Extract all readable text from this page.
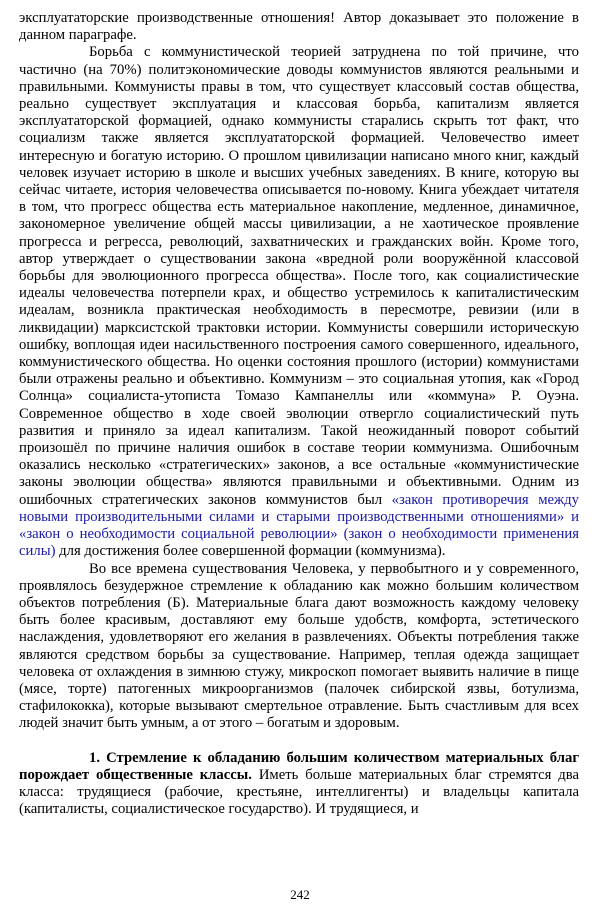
эксплуататорские производственные отношения! Автор доказывает это положение в данном параграфе.

Борьба с коммунистической теорией затруднена по той причине, что частично (на 70%) политэкономические доводы коммунистов являются реальными и правильными. Коммунисты правы в том, что существует классовый состав общества, реально существует эксплуатация и классовая борьба, капитализм является эксплуататорской формацией, однако коммунисты старались скрыть тот факт, что социализм также является эксплуататорской формацией. Человечество имеет интересную и богатую историю. О прошлом цивилизации написано много книг, каждый человек изучает историю в школе и высших учебных заведениях. В книге, которую вы сейчас читаете, история человечества описывается по-новому. Книга убеждает читателя в том, что прогресс общества есть материальное накопление, медленное, динамичное, закономерное увеличение общей массы цивилизации, а не хаотическое проявление прогресса и регресса, революций, захватнических и гражданских войн. Кроме того, автор утверждает о существовании закона «вредной роли вооружённой классовой борьбы для эволюционного прогресса общества». После того, как социалистические идеалы человечества потерпели крах, и общество устремилось к капиталистическим идеалам, возникла практическая необходимость в пересмотре, ревизии (или в ликвидации) марксистской трактовки истории. Коммунисты совершили историческую ошибку, воплощая идеи насильственного построения самого совершенного, идеального, коммунистического общества. Но оценки состояния прошлого (истории) коммунистами были отражены реально и объективно. Коммунизм – это социальная утопия, как «Город Солнца» социалиста-утописта Томазо Кампанеллы или «коммуна» Р. Оуэна. Современное общество в ходе своей эволюции отвергло социалистический путь развития и приняло за идеал капитализм. Такой неожиданный поворот событий произошёл по причине наличия ошибок в составе теории коммунизма. Ошибочным оказались несколько «стратегических» законов, а все остальные «коммунистические законы эволюции общества» являются правильными и объективными. Одним из ошибочных стратегических законов коммунистов был «закон противоречия между новыми производительными силами и старыми производственными отношениями» и «закон о необходимости социальной революции» (закон о необходимости применения силы) для достижения более совершенной формации (коммунизма).

Во все времена существования Человека, у первобытного и у современного, проявлялось безудержное стремление к обладанию как можно большим количеством объектов потребления (Б). Материальные блага дают возможность каждому человеку быть более красивым, доставляют ему больше удобств, комфорта, эстетического наслаждения, удовлетворяют его желания в развлечениях. Объекты потребления также являются средством борьбы за существование. Например, теплая одежда защищает человека от охлаждения в зимнюю стужу, микроскоп помогает выявить наличие в пище (мясе, торте) патогенных микроорганизмов (палочек сибирской язвы, ботулизма, стафилококка), которые вызывают смертельное отравление. Быть счастливым для всех людей значит быть умным, а от этого – богатым и здоровым.

1. Стремление к обладанию большим количеством материальных благ порождает общественные классы. Иметь больше материальных благ стремятся два класса: трудящиеся (рабочие, крестьяне, интеллигенты) и владельцы капитала (капиталисты, социалистическое государство). И трудящиеся, и

242
